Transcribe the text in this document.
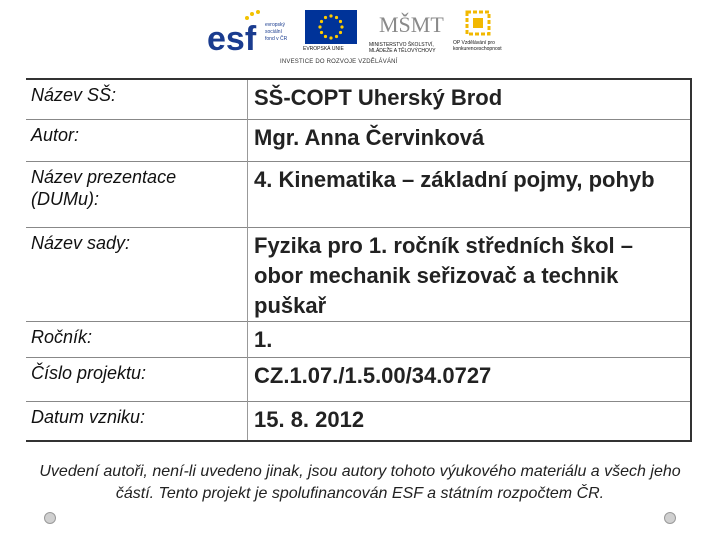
esf evropský
sociální
fond v ČR
EVROPSKÁ UNIE
MŠMT
MINISTERSTVO ŠKOLSTVÍ, MLÁDEŽE A TĚLOVÝCHOVY
OP Vzdělávání pro konkurenceschopnost
INVESTICE DO ROZVOJE VZDĚLÁVÁNÍ
Název SŠ:	SŠ-COPT Uherský Brod
Autor:	Mgr. Anna Červinková
Název prezentace (DUMu):	4. Kinematika – základní pojmy, pohyb
Název sady:	Fyzika pro 1. ročník středních škol – obor mechanik seřizovač a technik puškař
Ročník:	1.
Číslo projektu:	CZ.1.07./1.5.00/34.0727
Datum vzniku:	15. 8. 2012
Uvedení autoři, není-li uvedeno jinak, jsou autory tohoto výukového materiálu a všech jeho částí. Tento projekt je spolufinancován ESF a státním rozpočtem ČR.
